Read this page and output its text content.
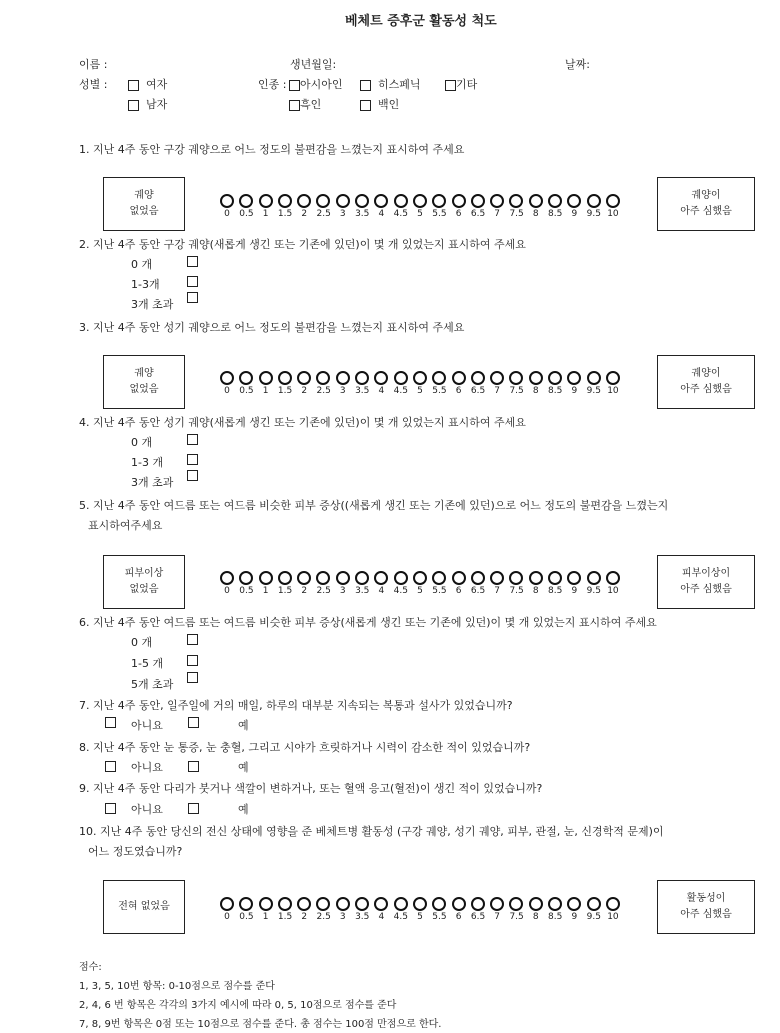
베체트 증후군 활동성 척도
이름 :	생년월일:	날짜:
성별 :	여자
남자
인종 :	아시아인	히스페닉	기타
흑인	백인
1. 지난 4주 동안 구강 궤양으로 어느 정도의 불편감을 느꼈는지 표시하여 주세요
궤양
없었음	0	0.5	1	1.5	2	2.5	3	3.5	4	4.5	5	5.5	6	6.5	7	7.5	8	8.5	9	9.5 10
궤양이
아주 심했음
2. 지난 4주 동안 구강 궤양(새롭게 생긴 또는 기존에 있던)이 몇 개 있었는지 표시하여 주세요
0 개
1-3개
3개 초과
3. 지난 4주 동안 성기 궤양으로 어느 정도의 불편감을 느꼈는지 표시하여 주세요
궤양
없었음	0	0.5	1	1.5	2	2.5	3	3.5	4	4.5	5	5.5	6	6.5	7	7.5	8	8.5	9	9.5 10
궤양이
아주 심했음
4. 지난 4주 동안 성기 궤양(새롭게 생긴 또는 기존에 있던)이 몇 개 있었는지 표시하여 주세요
0 개
1-3 개
3개 초과
5. 지난 4주 동안 여드름 또는 여드름 비슷한 피부 증상((새롭게 생긴 또는 기존에 있던)으로 어느 정도의 불편감을 느꼈는지
표시하여주세요
피부이상
없었음	0	0.5	1	1.5	2	2.5	3	3.5	4	4.5	5	5.5	6	6.5	7	7.5	8	8.5	9	9.5 10
피부이상이
아주 심했음
6. 지난 4주 동안 여드름 또는 여드름 비슷한 피부 증상(새롭게 생긴 또는 기존에 있던)이 몇 개 있었는지 표시하여 주세요
0 개
1-5 개
5개 초과
7. 지난 4주 동안, 일주일에 거의 매일, 하루의 대부분 지속되는 복통과 설사가 있었습니까?
아니요	예
8. 지난 4주 동안 눈 통증, 눈 충혈, 그리고 시야가 흐릿하거나 시력이 감소한 적이 있었습니까?
아니요	예
9. 지난 4주 동안 다리가 붓거나 색깔이 변하거나, 또는 혈액 응고(혈전)이 생긴 적이 있었습니까?
아니요	예
10. 지난 4주 동안 당신의 전신 상태에 영향을 준 베체트병 활동성 (구강 궤양, 성기 궤양, 피부, 관절, 눈, 신경학적 문제)이
어느 정도였습니까?
전혀 없었음
0	0.5	1	1.5	2	2.5	3	3.5	4	4.5	5	5.5	6	6.5	7	7.5	8	8.5	9	9.5 10
활동성이
아주 심했음
점수:
1, 3, 5, 10번 항목: 0-10점으로 점수를 준다
2, 4, 6 번 항목은 각각의 3가지 예시에 따라 0, 5, 10점으로 점수를 준다
7, 8, 9번 항목은 0점 또는 10점으로 점수를 준다. 총 점수는 100점 만점으로 한다.
